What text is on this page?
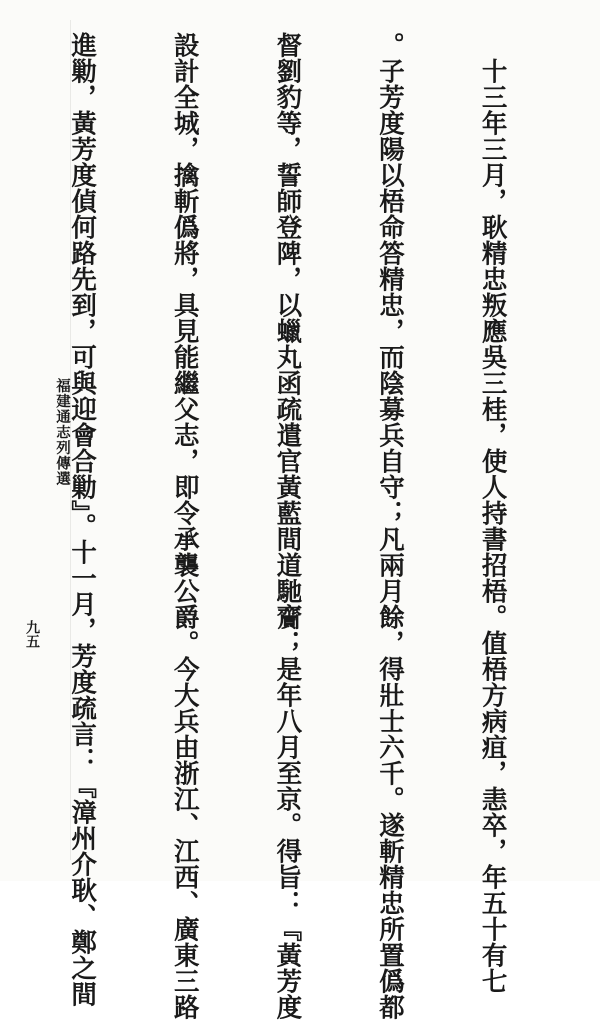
　十三年三月，耿精忠叛應吳三桂，使人持書招梧。值梧方病疽，恚卒，年五十有七

。子芳度陽以梧命答精忠，而陰募兵自守；凡兩月餘，得壯士六千。遂斬精忠所置僞都

督劉豹等，誓師登陴，以蠟丸函疏遣官黃藍間道馳齎；是年八月至京。得旨：『黃芳度

設計全城，擒斬僞將，具見能繼父志，即令承襲公爵。今大兵由浙江、江西、廣東三路

進勦，黃芳度偵何路先到，可與迎會合勦』。十一月，芳度疏言：『漳州介耿、鄭之間

福建通志列傳選
九五
